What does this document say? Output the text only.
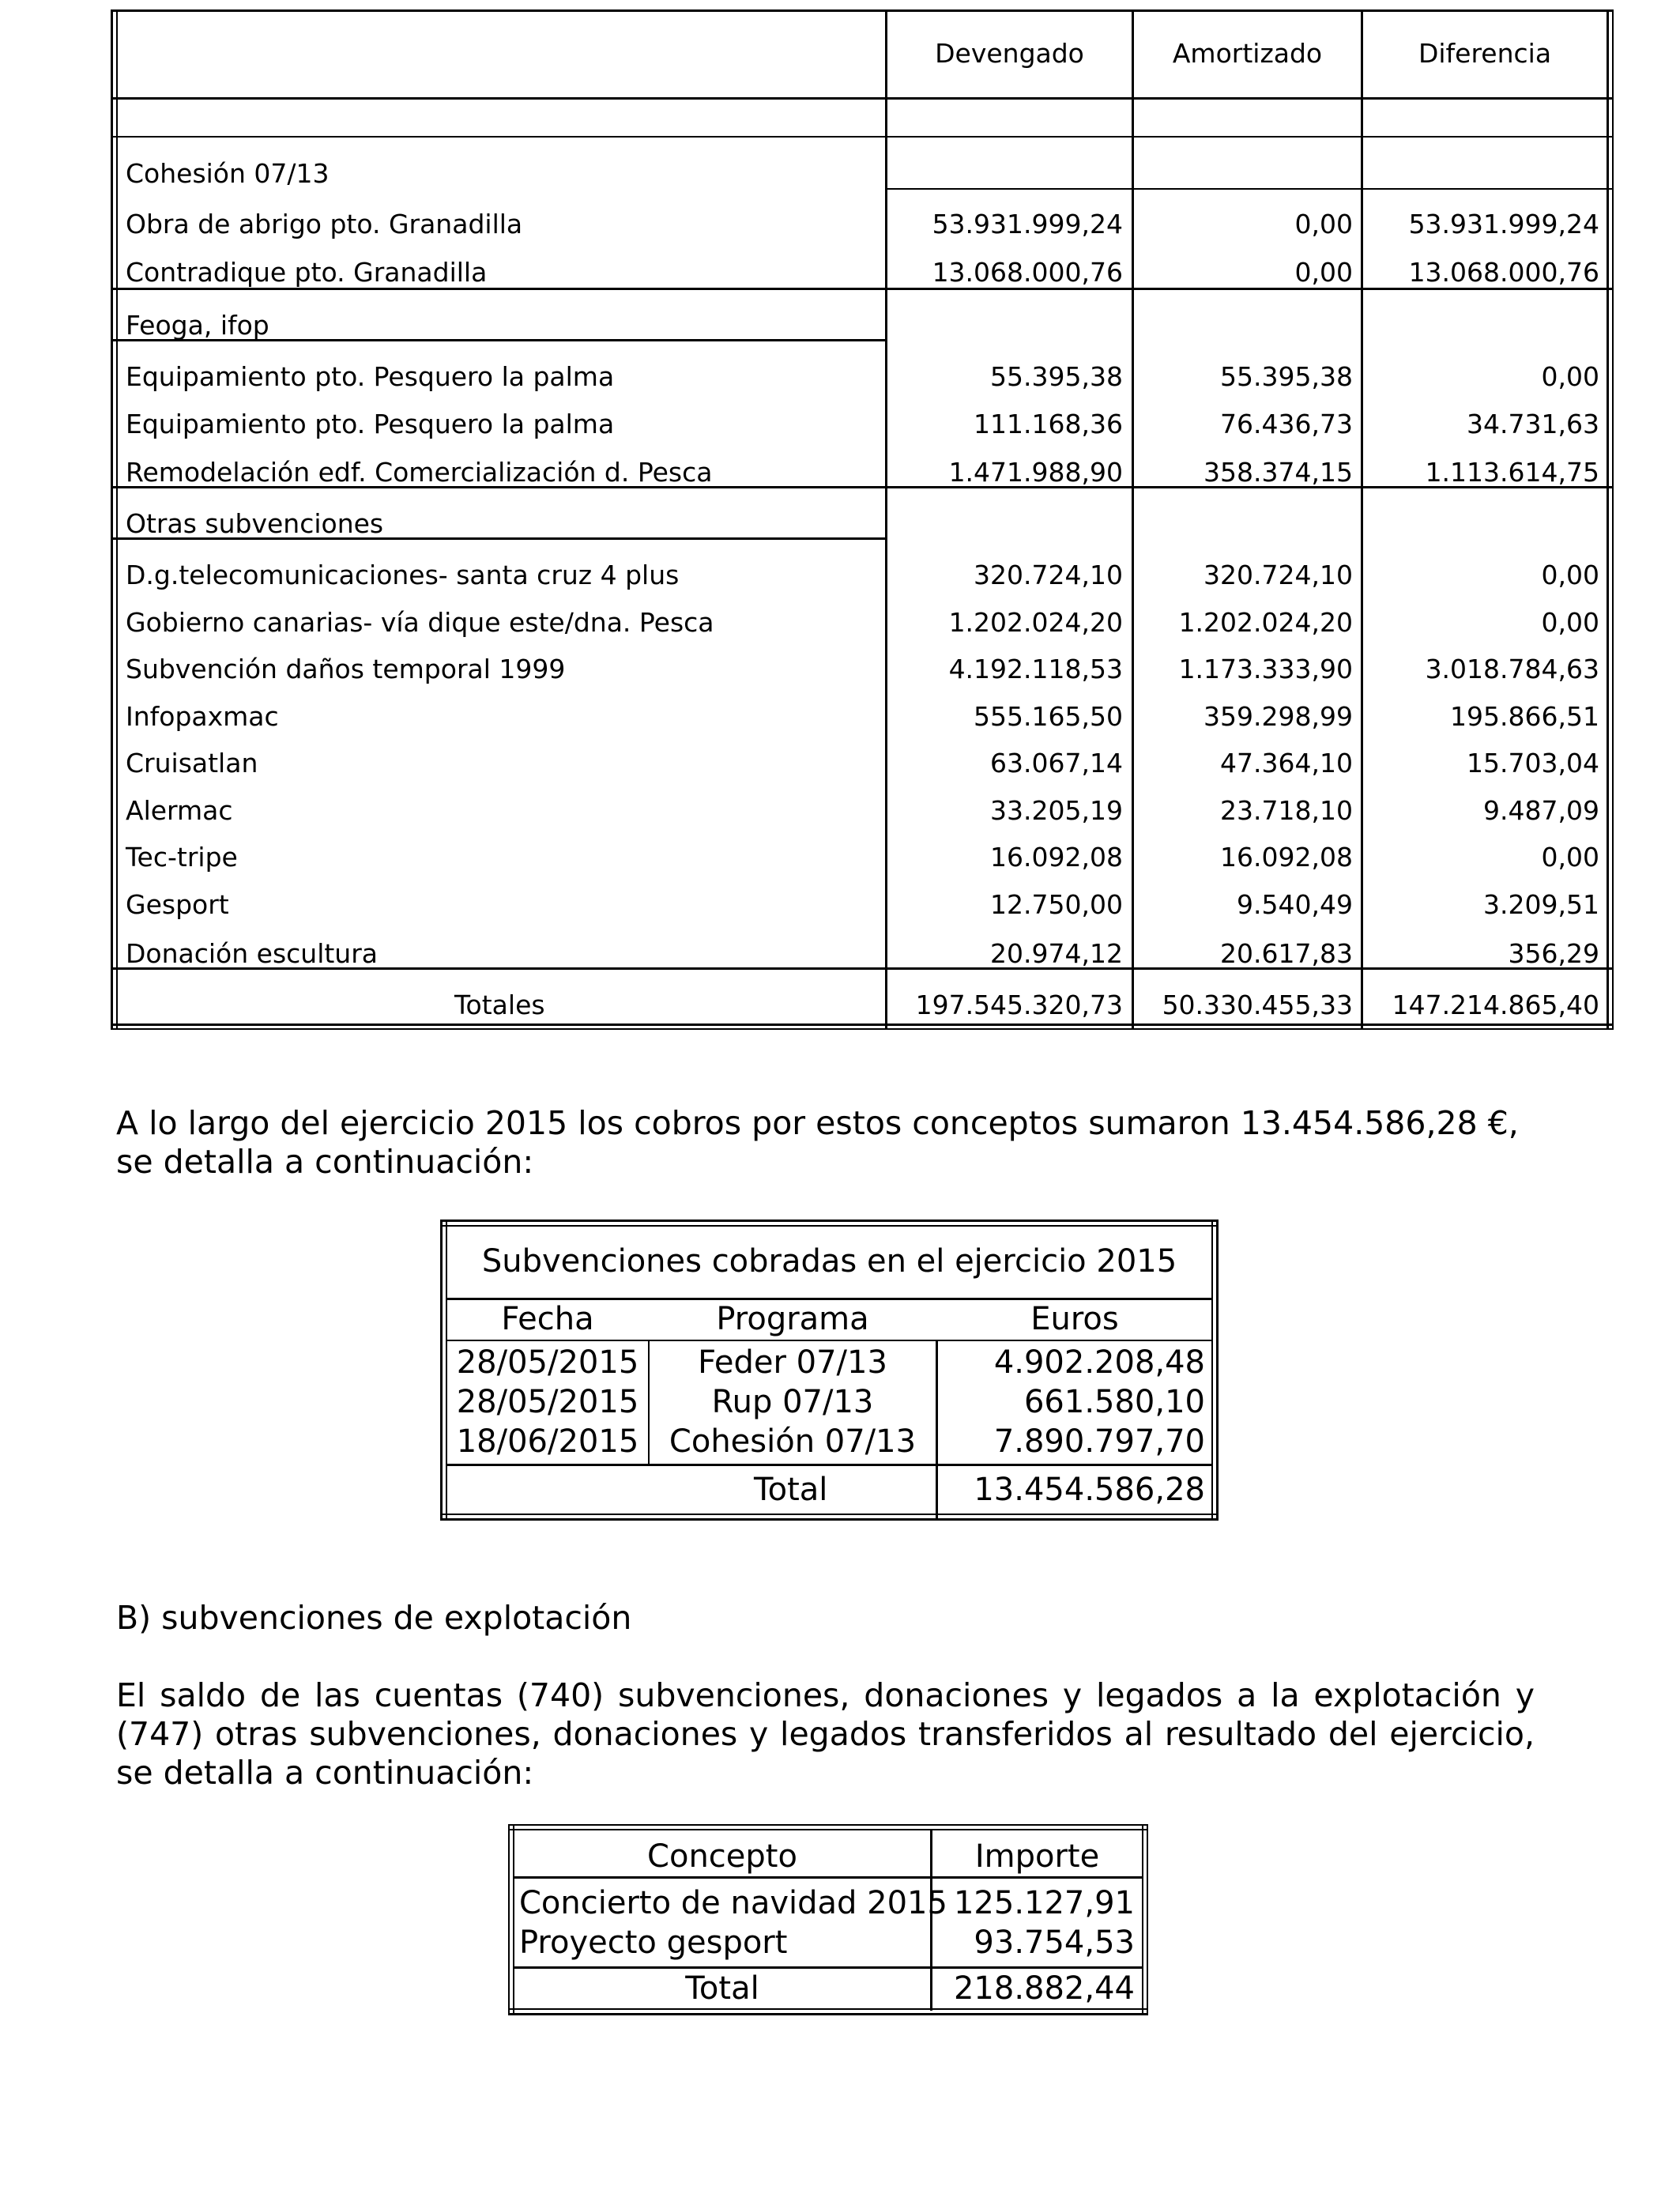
Devengado	Amortizado	Diferencia
Cohesión 07/13
Obra de abrigo pto. Granadilla	53.931.999,24	0,00	53.931.999,24
Contradique pto. Granadilla	13.068.000,76	0,00	13.068.000,76
Feoga, ifop
Equipamiento pto. Pesquero la palma	55.395,38	55.395,38	0,00
Equipamiento pto. Pesquero la palma	111.168,36	76.436,73	34.731,63
Remodelación edf. Comercialización d. Pesca	1.471.988,90	358.374,15	1.113.614,75
Otras subvenciones
D.g.telecomunicaciones- santa cruz 4 plus	320.724,10	320.724,10	0,00
Gobierno canarias- vía dique este/dna. Pesca	1.202.024,20	1.202.024,20	0,00
Subvención daños temporal 1999	4.192.118,53	1.173.333,90	3.018.784,63
Infopaxmac	555.165,50	359.298,99	195.866,51
Cruisatlan	63.067,14	47.364,10	15.703,04
Alermac	33.205,19	23.718,10	9.487,09
Tec-tripe	16.092,08	16.092,08	0,00
Gesport	12.750,00	9.540,49	3.209,51
Donación escultura	20.974,12	20.617,83	356,29
Totales	197.545.320,73	50.330.455,33	147.214.865,40
A lo largo del ejercicio 2015 los cobros por estos conceptos sumaron 13.454.586,28 €, se detalla a continuación:
Subvenciones cobradas en el ejercicio 2015
Fecha	Programa	Euros
28/05/2015	Feder 07/13	4.902.208,48
28/05/2015	Rup 07/13	661.580,10
18/06/2015 Cohesión 07/13	7.890.797,70
Total	13.454.586,28
B) subvenciones de explotación
El saldo de las cuentas (740) subvenciones, donaciones y legados a la explotación y (747) otras subvenciones, donaciones y legados transferidos al resultado del ejercicio, se detalla a continuación:
Concepto	Importe
Concierto de navidad 2015 125.127,91
Proyecto gesport	93.754,53
Total	218.882,44
